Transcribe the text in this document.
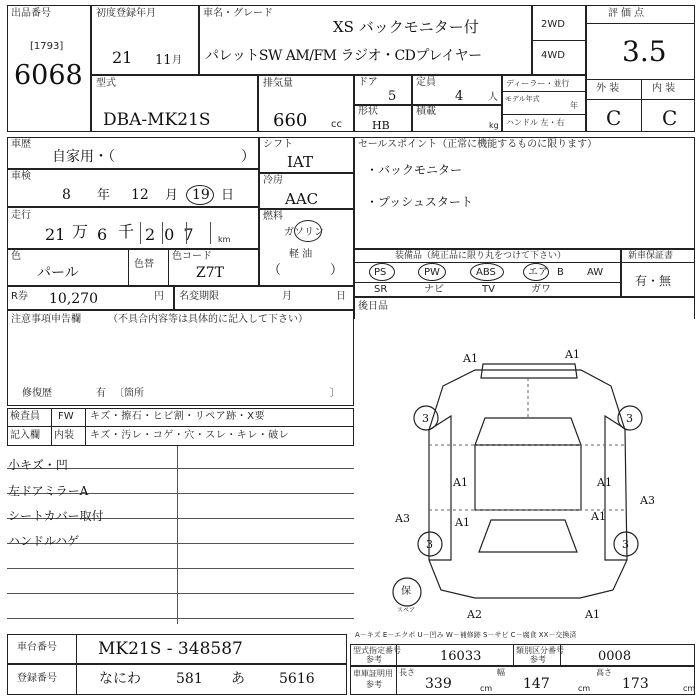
出品番号
[1793]
6068
初度登録年月
21 11 月
車名・グレード
XS バックモニター付
パレットSW AM/FM ラジオ・CDプレイヤー
2WD
4WD
評価点
3.5
外 装	内 装
C C
型式
DBA-MK21S
排気量
660 cc
ドア
5
定員
4 人
形状
HB
積載
kg
ディーラー・並行
モデル年式
年
ハンドル 左・右
車歴
自家用・（	）
シフト
IAT
車検
8 年 12 月 19 日
冷房
AAC
走行
21 万 6 千 207 km
燃料
ガソリン
軽 油
（	）
色
パール
色替
色コード
Z7T
R券 10,270	円 名変期限	月	日
セールスポイント（正常に機能するものに限ります）
・バックモニター
・プッシュスタート
装備品（純正品に限り丸をつけて下さい）
PS	PW	ABS	エア B AW
SR	ナビ	TV	ガワ
新車保証書
有・無
後日品
注意事項申告欄	（不具合内容等は具体的に記入して下さい）
修復歴	有 〔箇所	〕
検査員
記入欄
FW キズ・擦石・ヒビ割・リペア跡・X要
内装 キズ・汚レ・コゲ・穴・スレ・キレ・破レ
小キズ・凹
左ドアミラーA
シートカバー取付
ハンドルハゲ
車台番号 MK21S - 348587
登録番号	なにわ	581 あ 5616
A－キズ E－エクボ U－凹み W－補修跡 S－サビ C－腐食 XX－交換済
型式指定番号
参考	16033	類別区分番号
参考	0008
車庫証明用
参考
長さ
339	cm
幅
147	cm
高さ
173	cm
A1	A1
A1	A1
A1
A3
A3	A1
A2	A1
3	3
3	3
保
スペア
